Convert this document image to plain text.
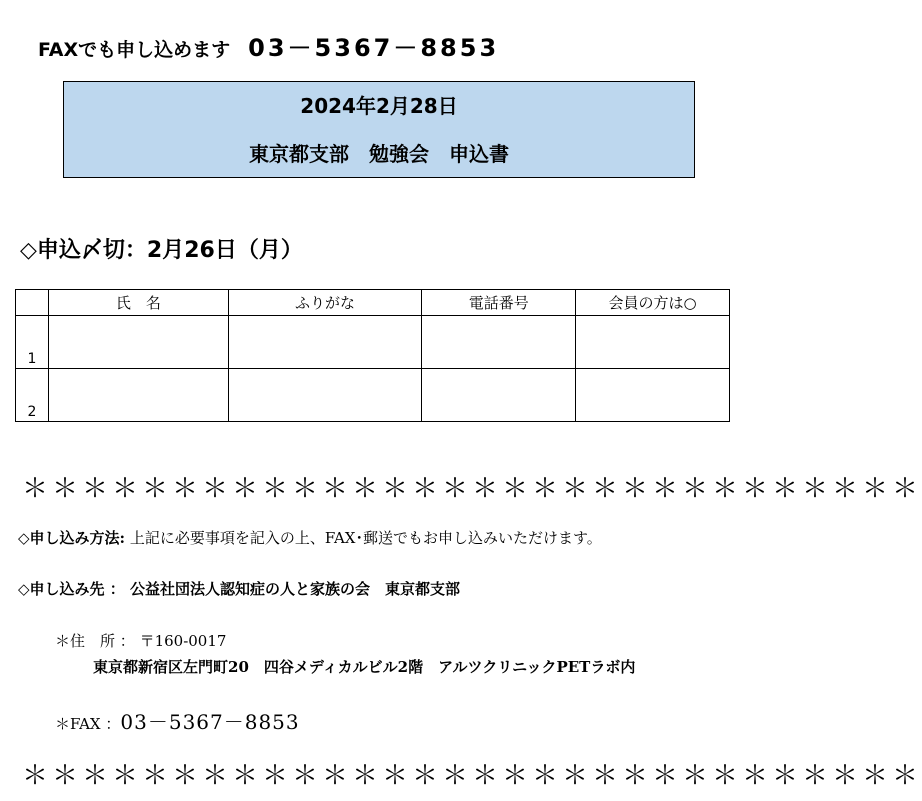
FAXでも申し込めます 03－5367－8853
2024年2月28日
東京都支部　勉強会　申込書
◇申込〆切：2月26日（月）
	氏　名	ふりがな	電話番号	会員の方は○
1				
2				
＊＊＊＊＊＊＊＊＊＊＊＊＊＊＊＊＊＊＊＊＊＊＊＊＊＊＊＊＊＊
◇申し込み方法: 上記に必要事項を記入の上、FAX･郵送でもお申し込みいただけます。
◇申し込み先 ： 公益社団法人認知症の人と家族の会　東京都支部
＊住　所 ： 〒160-0017
東京都新宿区左門町20　四谷メディカルビル2階　アルツクリニックPETラボ内
＊FAX ：03－5367－8853
＊＊＊＊＊＊＊＊＊＊＊＊＊＊＊＊＊＊＊＊＊＊＊＊＊＊＊＊＊＊
